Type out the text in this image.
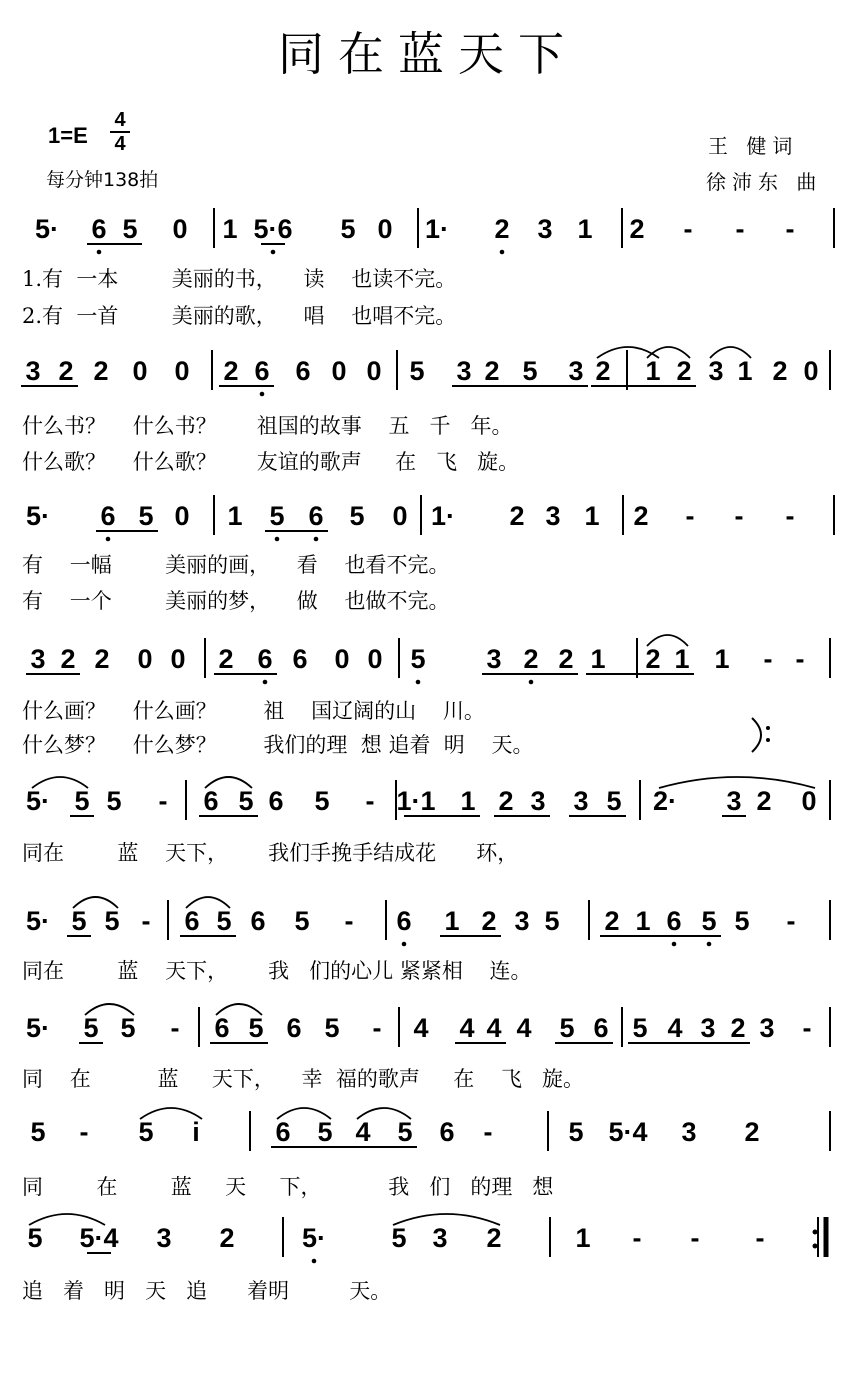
同在蓝天下
1=E
4
4
每分钟138拍
王 健词
徐沛东 曲
5· 6 5 0 1 5·6 5 0 1· 2 3 1 2 - - -
1.有  一本        美丽的书，    读    也读不完。
2.有  一首        美丽的歌，    唱    也唱不完。
3 2 2 0 0 2 6 6 0 0 5 3 2 5 3 2 1 2 3 1 2 0
什么书？    什么书？      祖国的故事    五   千   年。
什么歌？    什么歌？      友谊的歌声     在   飞   旋。
5· 6 5 0 1 5 6 5 0 1· 2 3 1 2 - - -
有    一幅        美丽的画，    看    也看不完。
有    一个        美丽的梦，    做    也做不完。
3 2 2 0 0 2 6 6 0 0 5 3 2 2 1 2 1 1 - -
什么画？    什么画？       祖    国辽阔的山    川。
什么梦？    什么梦？       我们的理  想 追着  明    天。
5· 5 5 - 6 5 6 5 - 1·1 1 2 3 3 5 2· 3 2 0
同在        蓝    天下，      我们手挽手结成花      环，
5· 5 5 - 6 5 6 5 - 6 1 2 3 5 2 1 6 5 5 -
同在        蓝    天下，      我   们的心儿 紧紧相    连。
5· 5 5 - 6 5 6 5 - 4 4 4 4 5 6 5 4 3 2 3 -
同    在          蓝     天下，    幸  福的歌声     在    飞   旋。
5 - 5 i	6 5 4 5 6 -	5 5·4 3 2
同        在        蓝     天     下，          我   们   的理   想
5 5·4 3 2 5· 5 3 2	1 - - -
追   着   明   天   追      着明         天。
